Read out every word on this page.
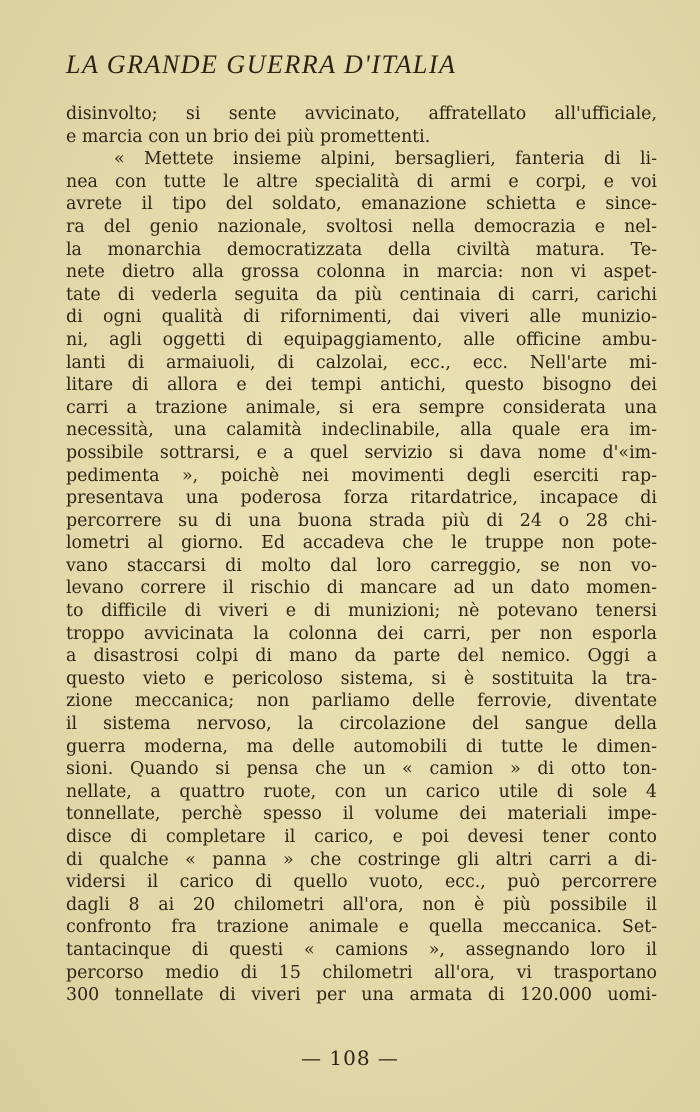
LA GRANDE GUERRA D'ITALIA
disinvolto; si sente avvicinato, affratellato all'ufficiale,
e marcia con un brio dei più promettenti.
« Mettete insieme alpini, bersaglieri, fanteria di li-
nea con tutte le altre specialità di armi e corpi, e voi
avrete il tipo del soldato, emanazione schietta e since-
ra del genio nazionale, svoltosi nella democrazia e nel-
la monarchia democratizzata della civiltà matura. Te-
nete dietro alla grossa colonna in marcia: non vi aspet-
tate di vederla seguita da più centinaia di carri, carichi
di ogni qualità di rifornimenti, dai viveri alle munizio-
ni, agli oggetti di equipaggiamento, alle officine ambu-
lanti di armaiuoli, di calzolai, ecc., ecc. Nell'arte mi-
litare di allora e dei tempi antichi, questo bisogno dei
carri a trazione animale, si era sempre considerata una
necessità, una calamità indeclinabile, alla quale era im-
possibile sottrarsi, e a quel servizio si dava nome d'«im-
pedimenta », poichè nei movimenti degli eserciti rap-
presentava una poderosa forza ritardatrice, incapace di
percorrere su di una buona strada più di 24 o 28 chi-
lometri al giorno. Ed accadeva che le truppe non pote-
vano staccarsi di molto dal loro carreggio, se non vo-
levano correre il rischio di mancare ad un dato momen-
to difficile di viveri e di munizioni; nè potevano tenersi
troppo avvicinata la colonna dei carri, per non esporla
a disastrosi colpi di mano da parte del nemico. Oggi a
questo vieto e pericoloso sistema, si è sostituita la tra-
zione meccanica; non parliamo delle ferrovie, diventate
il sistema nervoso, la circolazione del sangue della
guerra moderna, ma delle automobili di tutte le dimen-
sioni. Quando si pensa che un « camion » di otto ton-
nellate, a quattro ruote, con un carico utile di sole 4
tonnellate, perchè spesso il volume dei materiali impe-
disce di completare il carico, e poi devesi tener conto
di qualche « panna » che costringe gli altri carri a di-
vidersi il carico di quello vuoto, ecc., può percorrere
dagli 8 ai 20 chilometri all'ora, non è più possibile il
confronto fra trazione animale e quella meccanica. Set-
tantacinque di questi « camions », assegnando loro il
percorso medio di 15 chilometri all'ora, vi trasportano
300 tonnellate di viveri per una armata di 120.000 uomi-
— 108 —
